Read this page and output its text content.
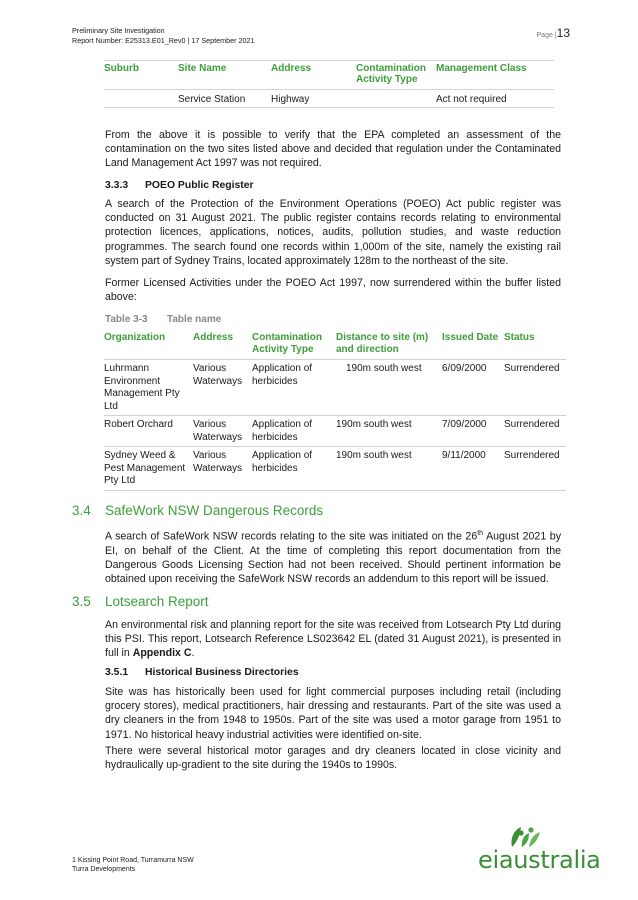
Preliminary Site Investigation
Report Number: E25313.E01_Rev0 | 17 September 2021	Page |13
Suburb	Site Name	Address	Contamination Activity Type	Management Class
	Service Station	Highway		Act not required

From the above it is possible to verify that the EPA completed an assessment of the contamination on the two sites listed above and decided that regulation under the Contaminated Land Management Act 1997 was not required.

3.3.3 POEO Public Register

A search of the Protection of the Environment Operations (POEO) Act public register was conducted on 31 August 2021. The public register contains records relating to environmental protection licences, applications, notices, audits, pollution studies, and waste reduction programmes. The search found one records within 1,000m of the site, namely the existing rail system part of Sydney Trains, located approximately 128m to the northeast of the site.

Former Licensed Activities under the POEO Act 1997, now surrendered within the buffer listed above:

Table 3-3 Table name
Organization	Address	Contamination Activity Type	Distance to site (m) and direction	Issued Date	Status
Luhrmann Environment Management Pty Ltd	Various Waterways	Application of herbicides	190m south west	6/09/2000	Surrendered
Robert Orchard	Various Waterways	Application of herbicides	190m south west	7/09/2000	Surrendered
Sydney Weed & Pest Management Pty Ltd	Various Waterways	Application of herbicides	190m south west	9/11/2000	Surrendered
3.4 SafeWork NSW Dangerous Records

A search of SafeWork NSW records relating to the site was initiated on the 26th August 2021 by EI, on behalf of the Client. At the time of completing this report documentation from the Dangerous Goods Licensing Section had not been received. Should pertinent information be obtained upon receiving the SafeWork NSW records an addendum to this report will be issued.

3.5 Lotsearch Report

An environmental risk and planning report for the site was received from Lotsearch Pty Ltd during this PSI. This report, Lotsearch Reference LS023642 EL (dated 31 August 2021), is presented in full in Appendix C.

3.5.1 Historical Business Directories

Site was has historically been used for light commercial purposes including retail (including grocery stores), medical practitioners, hair dressing and restaurants. Part of the site was used a dry cleaners in the from 1948 to 1950s. Part of the site was used a motor garage from 1951 to 1971. No historical heavy industrial activities were identified on-site.

There were several historical motor garages and dry cleaners located in close vicinity and hydraulically up-gradient to the site during the 1940s to 1990s.

1 Kissing Point Road, Turramurra NSW
Turra Developments	eiaustralia
